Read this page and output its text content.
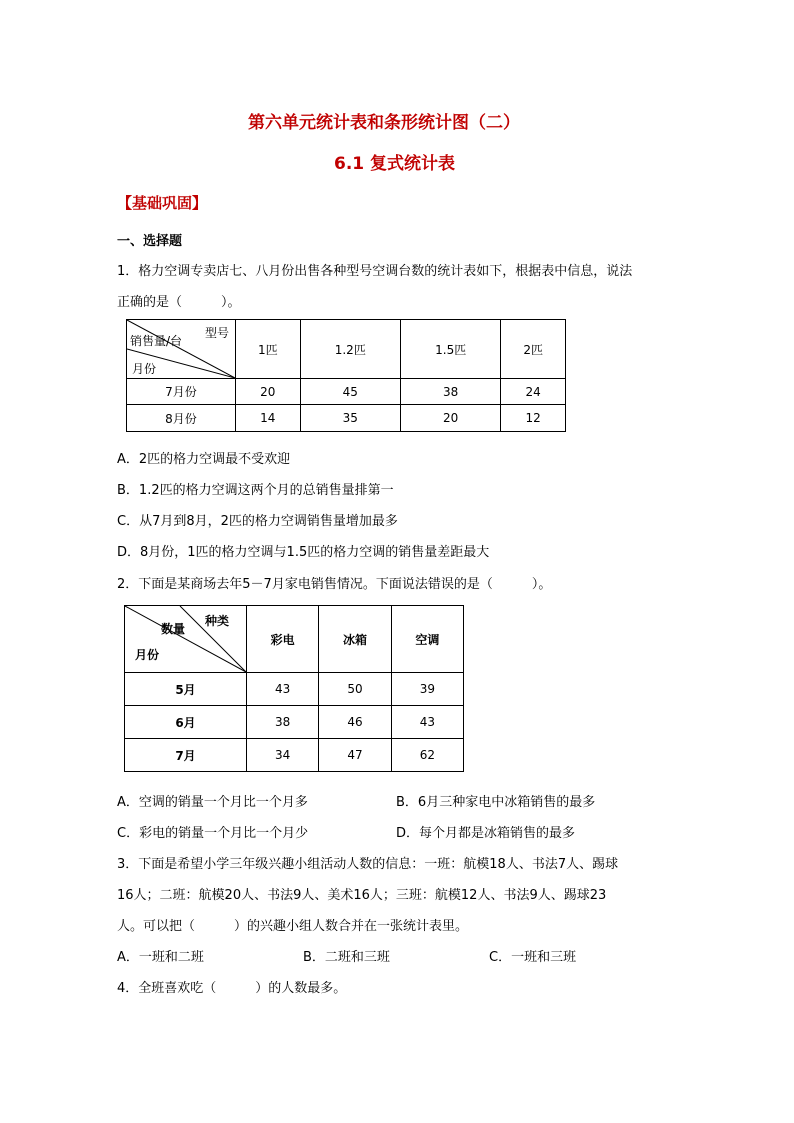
第六单元统计表和条形统计图（二）
6.1 复式统计表
【基础巩固】
一、选择题
1．格力空调专卖店七、八月份出售各种型号空调台数的统计表如下，根据表中信息，说法
正确的是（　　　）。
型号
销售量/台
月份	1匹	1.2匹	1.5匹	2匹
7月份	20	45	38	24
8月份	14	35	20	12
A．2匹的格力空调最不受欢迎
B．1.2匹的格力空调这两个月的总销售量排第一
C．从7月到8月，2匹的格力空调销售量增加最多
D．8月份，1匹的格力空调与1.5匹的格力空调的销售量差距最大
2．下面是某商场去年5－7月家电销售情况。下面说法错误的是（　　　）。
种类
数量
月份	彩电	冰箱	空调
5月	43	50	39
6月	38	46	43
7月	34	47	62
A．空调的销量一个月比一个月多	B．6月三种家电中冰箱销售的最多
C．彩电的销量一个月比一个月少	D．每个月都是冰箱销售的最多
3．下面是希望小学三年级兴趣小组活动人数的信息：一班：航模18人、书法7人、踢球
16人；二班：航模20人、书法9人、美术16人；三班：航模12人、书法9人、踢球23
人。可以把（　　　）的兴趣小组人数合并在一张统计表里。
A．一班和二班	B．二班和三班	C．一班和三班
4．全班喜欢吃（　　　）的人数最多。
